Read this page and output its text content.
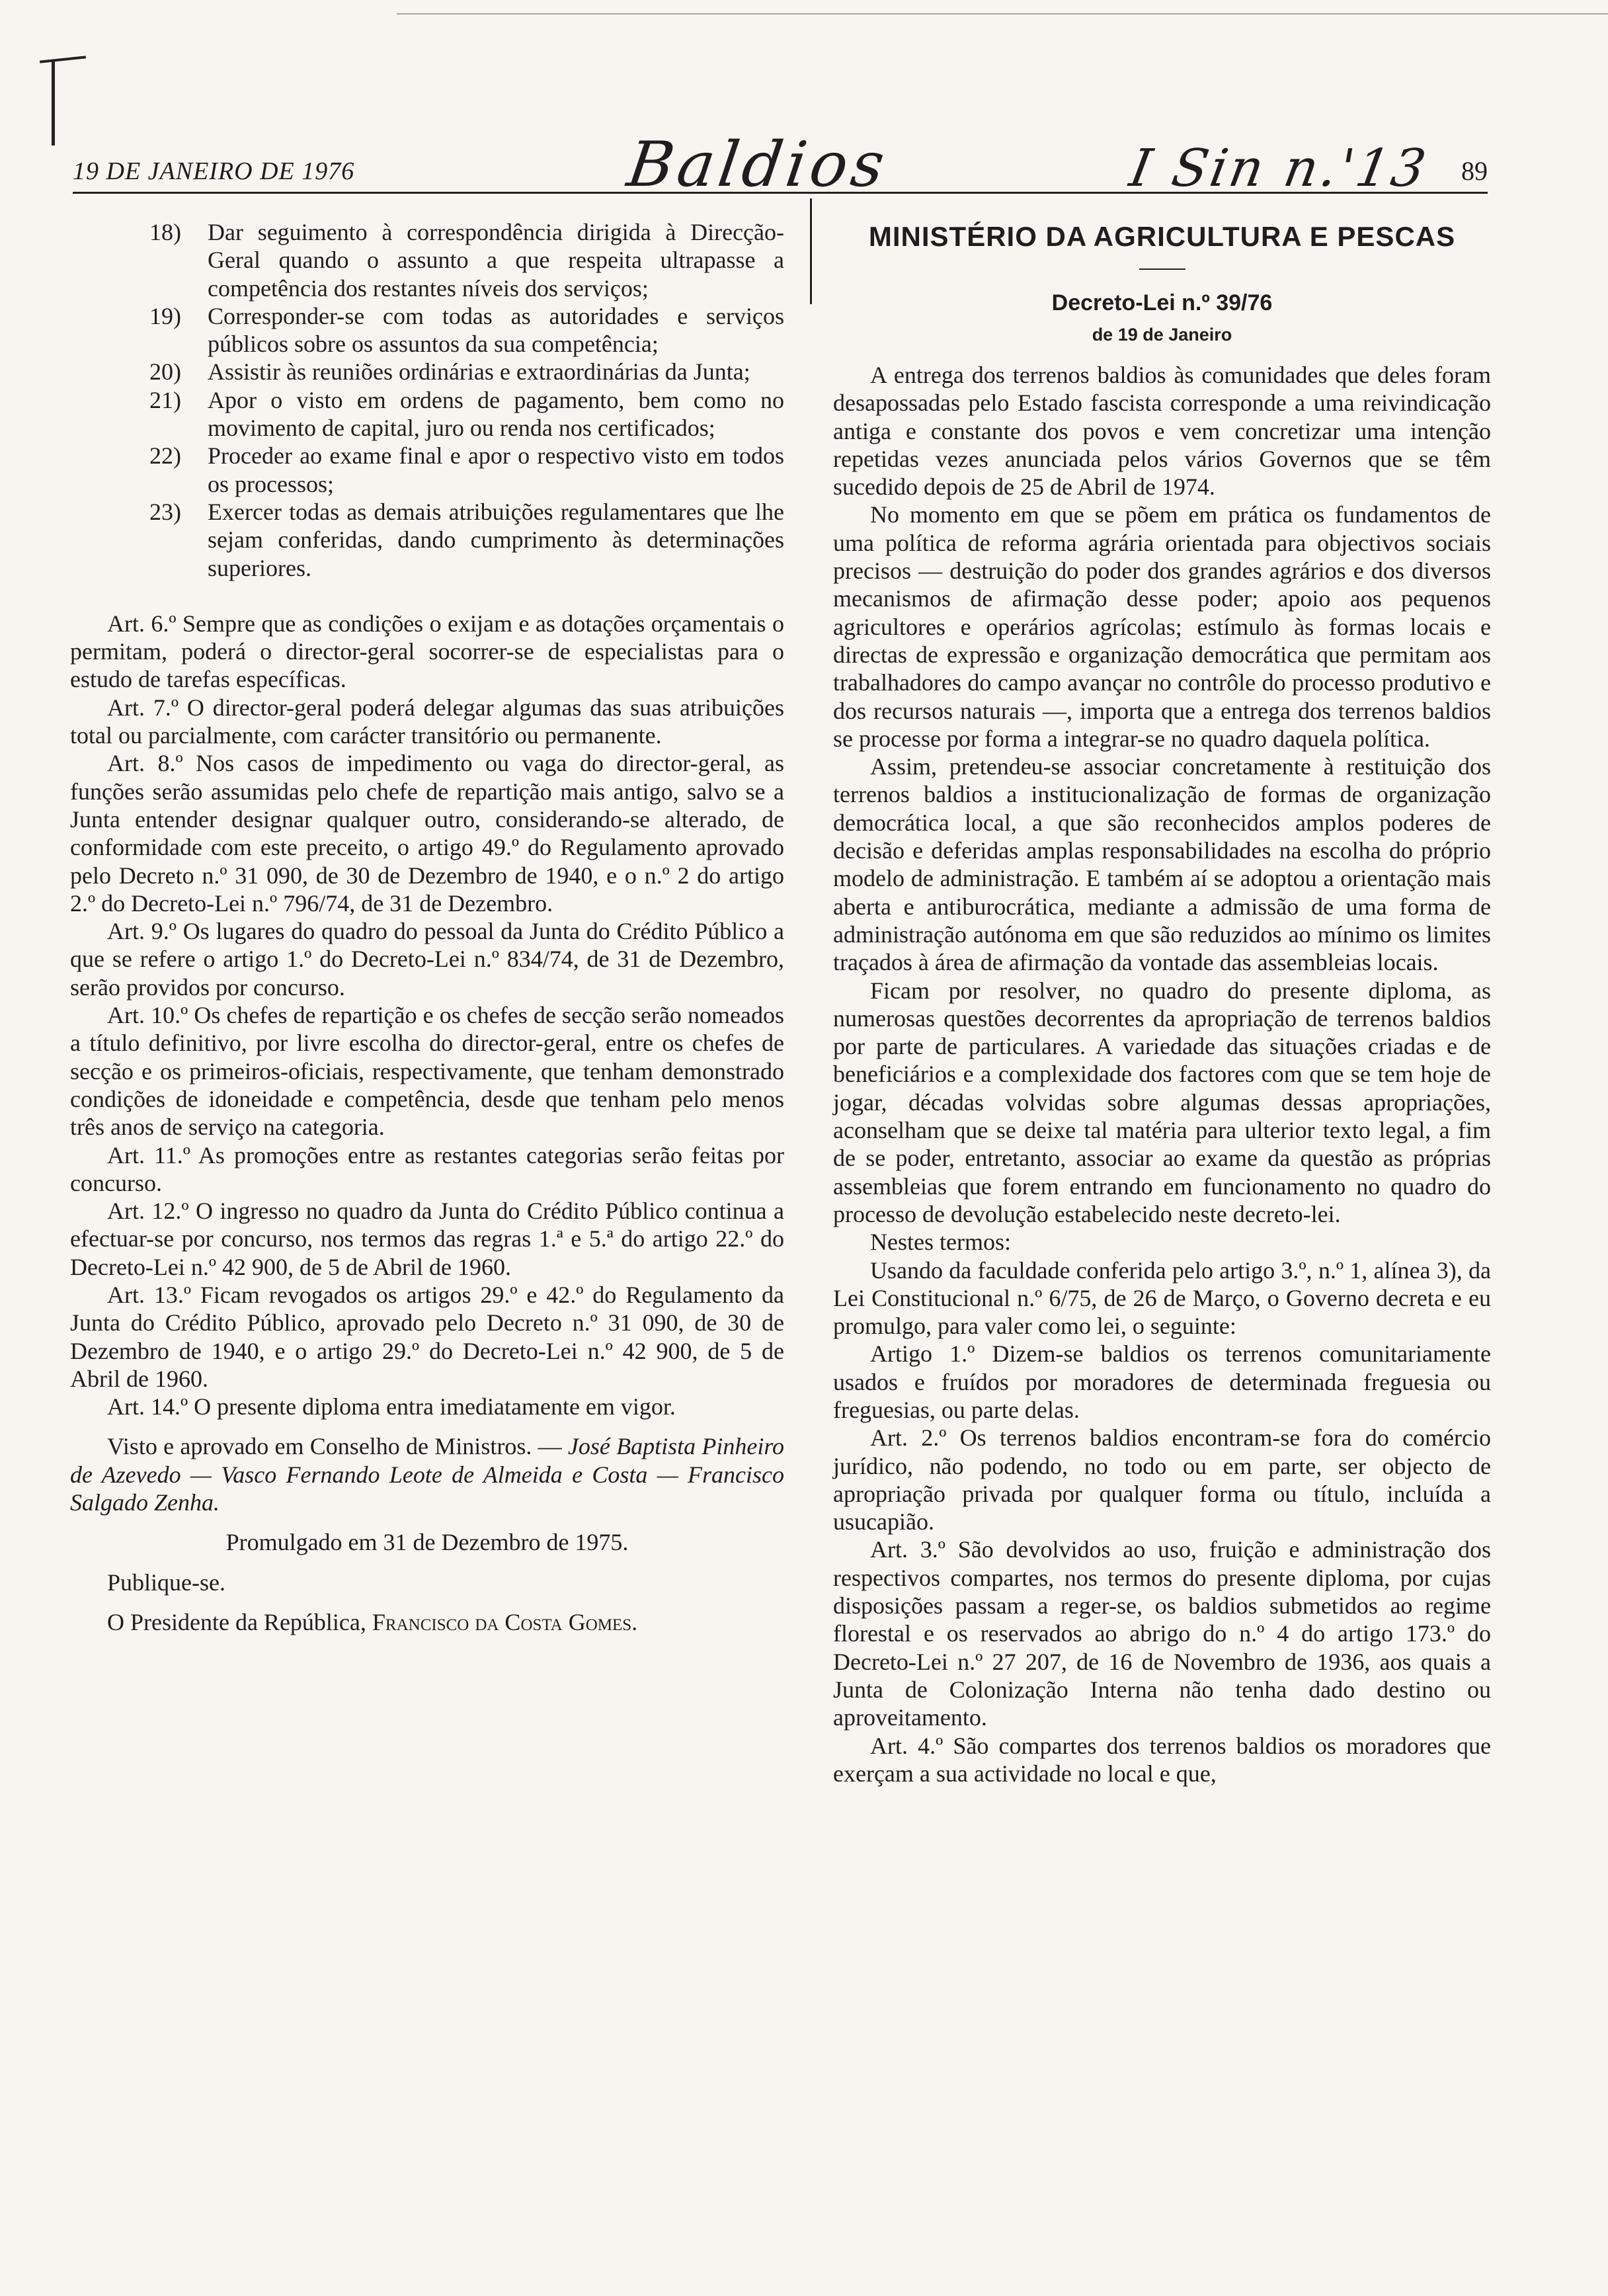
19 DE JANEIRO DE 1976	Baldios	I Sin n.'13 89
18)	Dar seguimento à correspondência dirigida à Direcção-Geral quando o assunto a que respeita ultrapasse a competência dos restantes níveis dos serviços;
19)	Corresponder-se com todas as autoridades e serviços públicos sobre os assuntos da sua competência;
20)	Assistir às reuniões ordinárias e extraordinárias da Junta;
21)	Apor o visto em ordens de pagamento, bem como no movimento de capital, juro ou renda nos certificados;
22)	Proceder ao exame final e apor o respectivo visto em todos os processos;
23)	Exercer todas as demais atribuições regulamentares que lhe sejam conferidas, dando cumprimento às determinações superiores.

Art. 6.º Sempre que as condições o exijam e as dotações orçamentais o permitam, poderá o director-geral socorrer-se de especialistas para o estudo de tarefas específicas.

Art. 7.º O director-geral poderá delegar algumas das suas atribuições total ou parcialmente, com carácter transitório ou permanente.

Art. 8.º Nos casos de impedimento ou vaga do director-geral, as funções serão assumidas pelo chefe de repartição mais antigo, salvo se a Junta entender designar qualquer outro, considerando-se alterado, de conformidade com este preceito, o artigo 49.º do Regulamento aprovado pelo Decreto n.º 31 090, de 30 de Dezembro de 1940, e o n.º 2 do artigo 2.º do Decreto-Lei n.º 796/74, de 31 de Dezembro.

Art. 9.º Os lugares do quadro do pessoal da Junta do Crédito Público a que se refere o artigo 1.º do Decreto-Lei n.º 834/74, de 31 de Dezembro, serão providos por concurso.

Art. 10.º Os chefes de repartição e os chefes de secção serão nomeados a título definitivo, por livre escolha do director-geral, entre os chefes de secção e os primeiros-oficiais, respectivamente, que tenham demonstrado condições de idoneidade e competência, desde que tenham pelo menos três anos de serviço na categoria.

Art. 11.º As promoções entre as restantes categorias serão feitas por concurso.

Art. 12.º O ingresso no quadro da Junta do Crédito Público continua a efectuar-se por concurso, nos termos das regras 1.ª e 5.ª do artigo 22.º do Decreto-Lei n.º 42 900, de 5 de Abril de 1960.

Art. 13.º Ficam revogados os artigos 29.º e 42.º do Regulamento da Junta do Crédito Público, aprovado pelo Decreto n.º 31 090, de 30 de Dezembro de 1940, e o artigo 29.º do Decreto-Lei n.º 42 900, de 5 de Abril de 1960.

Art. 14.º O presente diploma entra imediatamente em vigor.

Visto e aprovado em Conselho de Ministros. — José Baptista Pinheiro de Azevedo — Vasco Fernando Leote de Almeida e Costa — Francisco Salgado Zenha.

Promulgado em 31 de Dezembro de 1975.

Publique-se.

O Presidente da República, Francisco da Costa Gomes.

MINISTÉRIO DA AGRICULTURA E PESCAS

Decreto-Lei n.º 39/76
de 19 de Janeiro

A entrega dos terrenos baldios às comunidades que deles foram desapossadas pelo Estado fascista corresponde a uma reivindicação antiga e constante dos povos e vem concretizar uma intenção repetidas vezes anunciada pelos vários Governos que se têm sucedido depois de 25 de Abril de 1974.

No momento em que se põem em prática os fundamentos de uma política de reforma agrária orientada para objectivos sociais precisos — destruição do poder dos grandes agrários e dos diversos mecanismos de afirmação desse poder; apoio aos pequenos agricultores e operários agrícolas; estímulo às formas locais e directas de expressão e organização democrática que permitam aos trabalhadores do campo avançar no contrôle do processo produtivo e dos recursos naturais —, importa que a entrega dos terrenos baldios se processe por forma a integrar-se no quadro daquela política.

Assim, pretendeu-se associar concretamente à restituição dos terrenos baldios a institucionalização de formas de organização democrática local, a que são reconhecidos amplos poderes de decisão e deferidas amplas responsabilidades na escolha do próprio modelo de administração. E também aí se adoptou a orientação mais aberta e antiburocrática, mediante a admissão de uma forma de administração autónoma em que são reduzidos ao mínimo os limites traçados à área de afirmação da vontade das assembleias locais.

Ficam por resolver, no quadro do presente diploma, as numerosas questões decorrentes da apropriação de terrenos baldios por parte de particulares. A variedade das situações criadas e de beneficiários e a complexidade dos factores com que se tem hoje de jogar, décadas volvidas sobre algumas dessas apropriações, aconselham que se deixe tal matéria para ulterior texto legal, a fim de se poder, entretanto, associar ao exame da questão as próprias assembleias que forem entrando em funcionamento no quadro do processo de devolução estabelecido neste decreto-lei.

Nestes termos:

Usando da faculdade conferida pelo artigo 3.º, n.º 1, alínea 3), da Lei Constitucional n.º 6/75, de 26 de Março, o Governo decreta e eu promulgo, para valer como lei, o seguinte:

Artigo 1.º Dizem-se baldios os terrenos comunitariamente usados e fruídos por moradores de determinada freguesia ou freguesias, ou parte delas.

Art. 2.º Os terrenos baldios encontram-se fora do comércio jurídico, não podendo, no todo ou em parte, ser objecto de apropriação privada por qualquer forma ou título, incluída a usucapião.

Art. 3.º São devolvidos ao uso, fruição e administração dos respectivos compartes, nos termos do presente diploma, por cujas disposições passam a reger-se, os baldios submetidos ao regime florestal e os reservados ao abrigo do n.º 4 do artigo 173.º do Decreto-Lei n.º 27 207, de 16 de Novembro de 1936, aos quais a Junta de Colonização Interna não tenha dado destino ou aproveitamento.

Art. 4.º São compartes dos terrenos baldios os moradores que exerçam a sua actividade no local e que,
